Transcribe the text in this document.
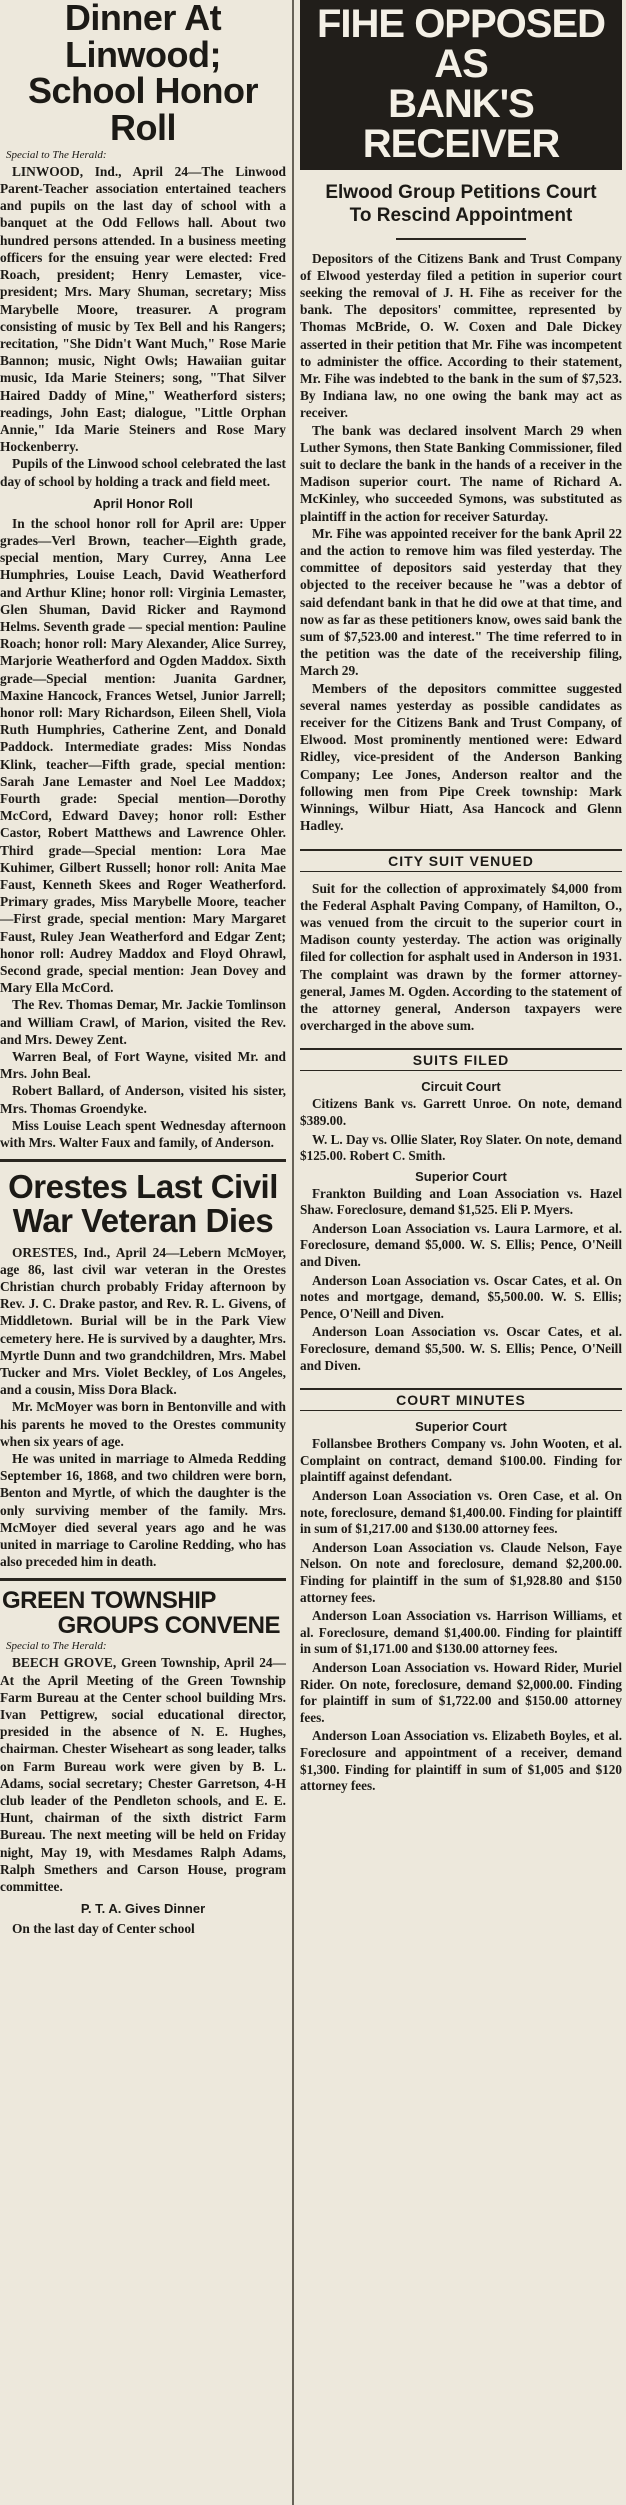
Dinner At Linwood;
School Honor Roll
Special to The Herald:

LINWOOD, Ind., April 24—The Linwood Parent-Teacher association entertained teachers and pupils on the last day of school with a banquet at the Odd Fellows hall. About two hundred persons attended. In a business meeting officers for the ensuing year were elected: Fred Roach, president; Henry Lemaster, vice-president; Mrs. Mary Shuman, secretary; Miss Marybelle Moore, treasurer. A program consisting of music by Tex Bell and his Rangers; recitation, "She Didn't Want Much," Rose Marie Bannon; music, Night Owls; Hawaiian guitar music, Ida Marie Steiners; song, "That Silver Haired Daddy of Mine," Weatherford sisters; readings, John East; dialogue, "Little Orphan Annie," Ida Marie Steiners and Rose Mary Hockenberry.

Pupils of the Linwood school celebrated the last day of school by holding a track and field meet.

April Honor Roll

In the school honor roll for April are: Upper grades—Verl Brown, teacher—Eighth grade, special mention, Mary Currey, Anna Lee Humphries, Louise Leach, David Weatherford and Arthur Kline; honor roll: Virginia Lemaster, Glen Shuman, David Ricker and Raymond Helms. Seventh grade — special mention: Pauline Roach; honor roll: Mary Alexander, Alice Surrey, Marjorie Weatherford and Ogden Maddox. Sixth grade—Special mention: Juanita Gardner, Maxine Hancock, Frances Wetsel, Junior Jarrell; honor roll: Mary Richardson, Eileen Shell, Viola Ruth Humphries, Catherine Zent, and Donald Paddock. Intermediate grades: Miss Nondas Klink, teacher—Fifth grade, special mention: Sarah Jane Lemaster and Noel Lee Maddox; Fourth grade: Special mention—Dorothy McCord, Edward Davey; honor roll: Esther Castor, Robert Matthews and Lawrence Ohler. Third grade—Special mention: Lora Mae Kuhimer, Gilbert Russell; honor roll: Anita Mae Faust, Kenneth Skees and Roger Weatherford. Primary grades, Miss Marybelle Moore, teacher—First grade, special mention: Mary Margaret Faust, Ruley Jean Weatherford and Edgar Zent; honor roll: Audrey Maddox and Floyd Ohrawl, Second grade, special mention: Jean Dovey and Mary Ella McCord.

The Rev. Thomas Demar, Mr. Jackie Tomlinson and William Crawl, of Marion, visited the Rev. and Mrs. Dewey Zent.

Warren Beal, of Fort Wayne, visited Mr. and Mrs. John Beal.

Robert Ballard, of Anderson, visited his sister, Mrs. Thomas Groendyke.

Miss Louise Leach spent Wednesday afternoon with Mrs. Walter Faux and family, of Anderson.

Orestes Last Civil
War Veteran Dies

ORESTES, Ind., April 24—Lebern McMoyer, age 86, last civil war veteran in the Orestes Christian church probably Friday afternoon by Rev. J. C. Drake pastor, and Rev. R. L. Givens, of Middletown. Burial will be in the Park View cemetery here. He is survived by a daughter, Mrs. Myrtle Dunn and two grandchildren, Mrs. Mabel Tucker and Mrs. Violet Beckley, of Los Angeles, and a cousin, Miss Dora Black.

Mr. McMoyer was born in Bentonville and with his parents he moved to the Orestes community when six years of age.

He was united in marriage to Almeda Redding September 16, 1868, and two children were born, Benton and Myrtle, of which the daughter is the only surviving member of the family. Mrs. McMoyer died several years ago and he was united in marriage to Caroline Redding, who has also preceded him in death.

GREEN TOWNSHIP
GROUPS CONVENE
Special to The Herald:

BEECH GROVE, Green Township, April 24—At the April Meeting of the Green Township Farm Bureau at the Center school building Mrs. Ivan Pettigrew, social educational director, presided in the absence of N. E. Hughes, chairman. Chester Wiseheart as song leader, talks on Farm Bureau work were given by B. L. Adams, social secretary; Chester Garretson, 4-H club leader of the Pendleton schools, and E. E. Hunt, chairman of the sixth district Farm Bureau. The next meeting will be held on Friday night, May 19, with Mesdames Ralph Adams, Ralph Smethers and Carson House, program committee.

P. T. A. Gives Dinner

On the last day of Center school

FIHE OPPOSED AS
BANK'S RECEIVER
Elwood Group Petitions Court
To Rescind Appointment

Depositors of the Citizens Bank and Trust Company of Elwood yesterday filed a petition in superior court seeking the removal of J. H. Fihe as receiver for the bank. The depositors' committee, represented by Thomas McBride, O. W. Coxen and Dale Dickey asserted in their petition that Mr. Fihe was incompetent to administer the office. According to their statement, Mr. Fihe was indebted to the bank in the sum of $7,523. By Indiana law, no one owing the bank may act as receiver.

The bank was declared insolvent March 29 when Luther Symons, then State Banking Commissioner, filed suit to declare the bank in the hands of a receiver in the Madison superior court. The name of Richard A. McKinley, who succeeded Symons, was substituted as plaintiff in the action for receiver Saturday.

Mr. Fihe was appointed receiver for the bank April 22 and the action to remove him was filed yesterday. The committee of depositors said yesterday that they objected to the receiver because he "was a debtor of said defendant bank in that he did owe at that time, and now as far as these petitioners know, owes said bank the sum of $7,523.00 and interest." The time referred to in the petition was the date of the receivership filing, March 29.

Members of the depositors committee suggested several names yesterday as possible candidates as receiver for the Citizens Bank and Trust Company, of Elwood. Most prominently mentioned were: Edward Ridley, vice-president of the Anderson Banking Company; Lee Jones, Anderson realtor and the following men from Pipe Creek township: Mark Winnings, Wilbur Hiatt, Asa Hancock and Glenn Hadley.

CITY SUIT VENUED

Suit for the collection of approximately $4,000 from the Federal Asphalt Paving Company, of Hamilton, O., was venued from the circuit to the superior court in Madison county yesterday. The action was originally filed for collection for asphalt used in Anderson in 1931. The complaint was drawn by the former attorney-general, James M. Ogden. According to the statement of the attorney general, Anderson taxpayers were overcharged in the above sum.

SUITS FILED
Circuit Court

Citizens Bank vs. Garrett Unroe. On note, demand $389.00.

W. L. Day vs. Ollie Slater, Roy Slater. On note, demand $125.00. Robert C. Smith.

Superior Court

Frankton Building and Loan Association vs. Hazel Shaw. Foreclosure, demand $1,525. Eli P. Myers.

Anderson Loan Association vs. Laura Larmore, et al. Foreclosure, demand $5,000. W. S. Ellis; Pence, O'Neill and Diven.

Anderson Loan Association vs. Oscar Cates, et al. On notes and mortgage, demand, $5,500.00. W. S. Ellis; Pence, O'Neill and Diven.

Anderson Loan Association vs. Oscar Cates, et al. Foreclosure, demand $5,500. W. S. Ellis; Pence, O'Neill and Diven.

COURT MINUTES
Superior Court

Follansbee Brothers Company vs. John Wooten, et al. Complaint on contract, demand $100.00. Finding for plaintiff against defendant.

Anderson Loan Association vs. Oren Case, et al. On note, foreclosure, demand $1,400.00. Finding for plaintiff in sum of $1,217.00 and $130.00 attorney fees.

Anderson Loan Association vs. Claude Nelson, Faye Nelson. On note and foreclosure, demand $2,200.00. Finding for plaintiff in the sum of $1,928.80 and $150 attorney fees.

Anderson Loan Association vs. Harrison Williams, et al. Foreclosure, demand $1,400.00. Finding for plaintiff in sum of $1,171.00 and $130.00 attorney fees.

Anderson Loan Association vs. Howard Rider, Muriel Rider. On note, foreclosure, demand $2,000.00. Finding for plaintiff in sum of $1,722.00 and $150.00 attorney fees.

Anderson Loan Association vs. Elizabeth Boyles, et al. Foreclosure and appointment of a receiver, demand $1,300. Finding for plaintiff in sum of $1,005 and $120 attorney fees.
